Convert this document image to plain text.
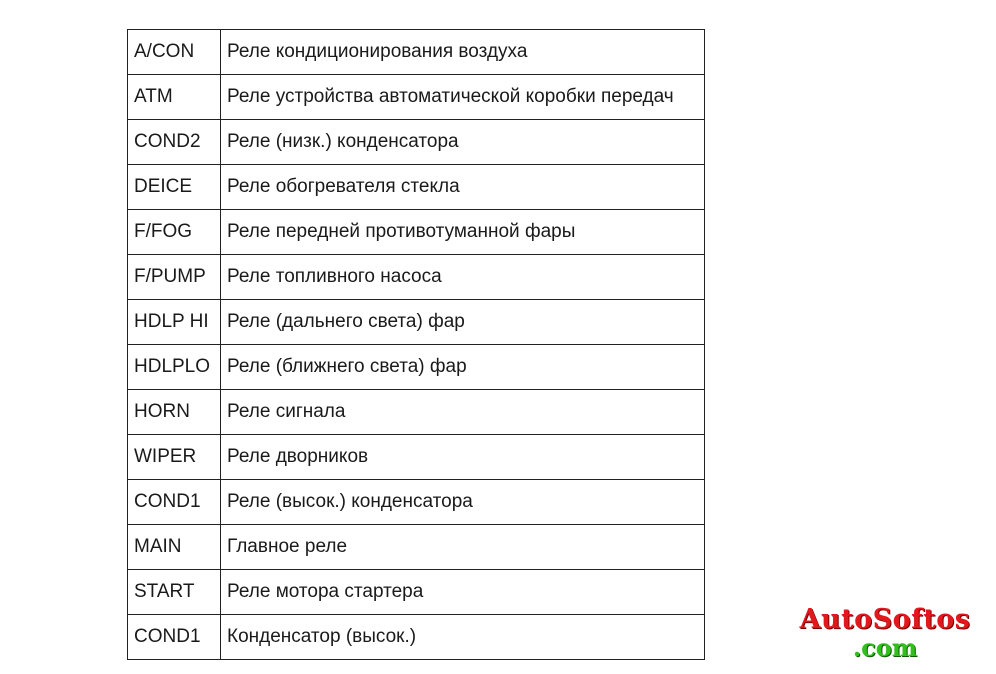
A/CON	Реле кондиционирования воздуха
ATM	Реле устройства автоматической коробки передач
COND2	Реле (низк.) конденсатора
DEICE	Реле обогревателя стекла
F/FOG	Реле передней противотуманной фары
F/PUMP	Реле топливного насоса
HDLP HI	Реле (дальнего света) фар
HDLPLO	Реле (ближнего света) фар
HORN	Реле сигнала
WIPER	Реле дворников
COND1	Реле (высок.) конденсатора
MAIN	Главное реле
START	Реле мотора стартера
COND1	Конденсатор (высок.)
AutoSoftos
.com
